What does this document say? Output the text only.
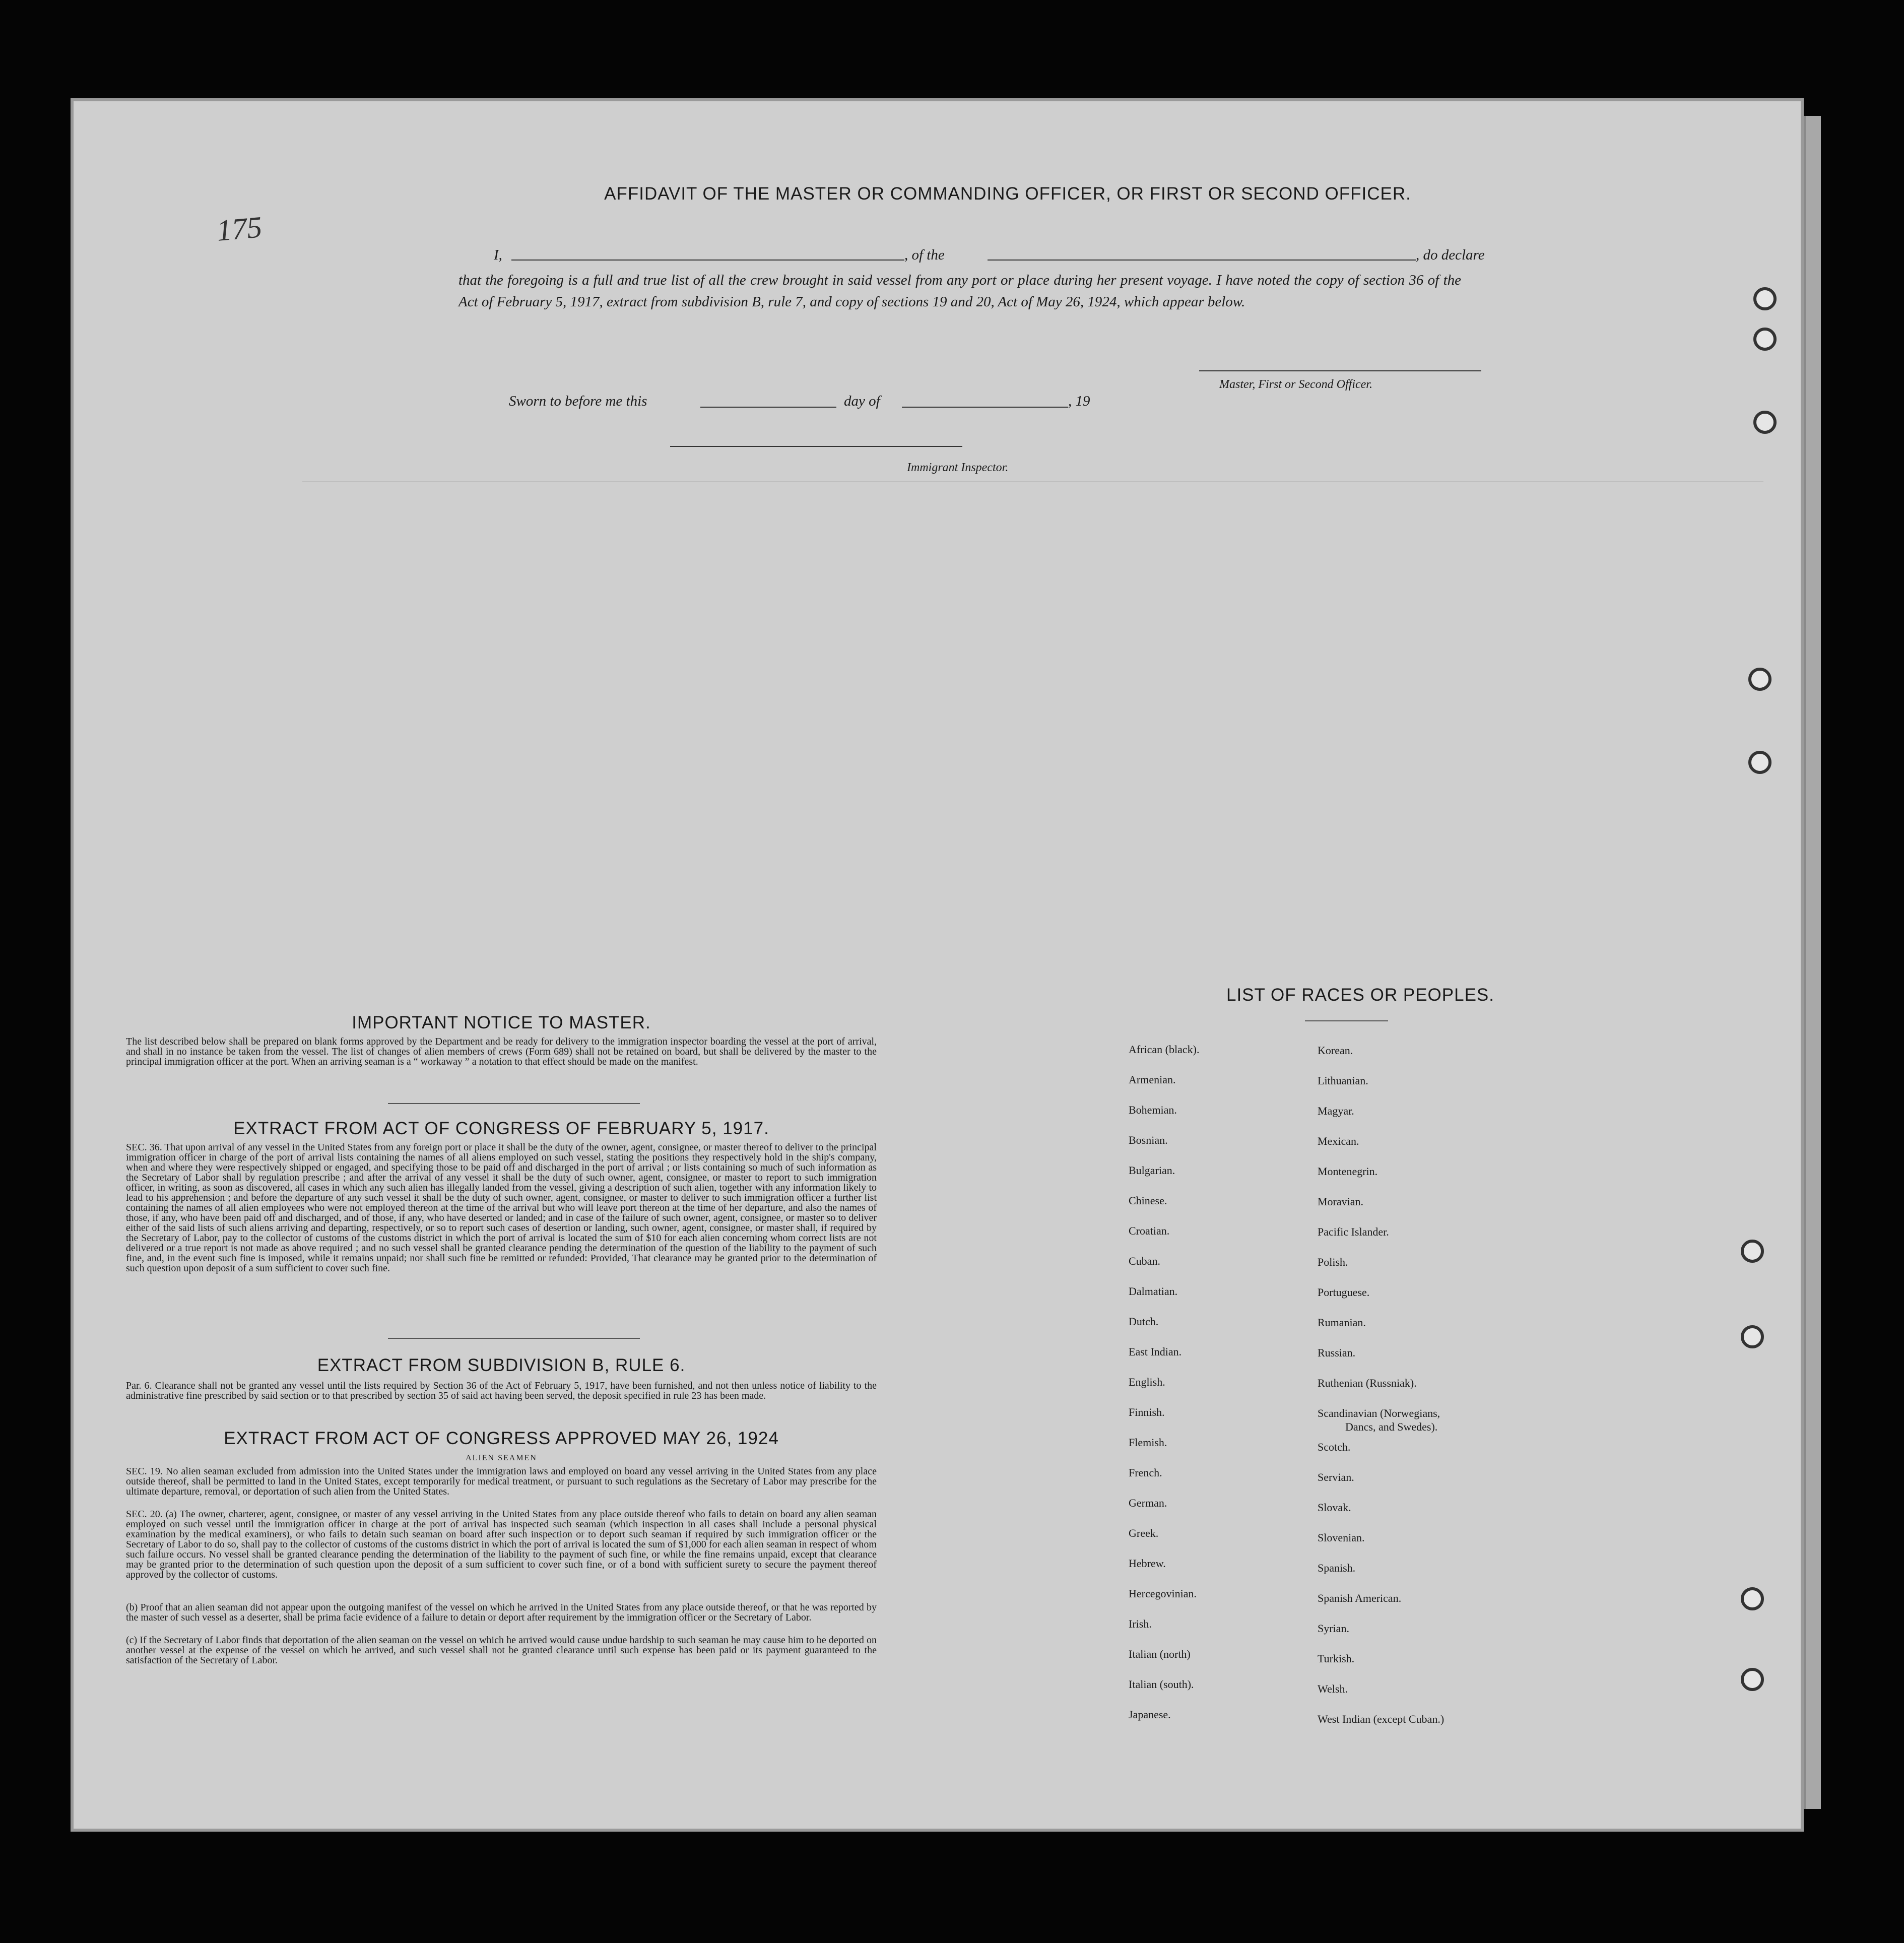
175
AFFIDAVIT OF THE MASTER OR COMMANDING OFFICER, OR FIRST OR SECOND OFFICER.
I,	, of the	, do declare
that the foregoing is a full and true list of all the crew brought in said vessel from any port or place during her present voyage. I have noted the copy of section 36 of the Act of February 5, 1917, extract from subdivision B, rule 7, and copy of sections 19 and 20, Act of May 26, 1924, which appear below.
Master, First or Second Officer.
Sworn to before me this	day of	, 19
Immigrant Inspector.
IMPORTANT NOTICE TO MASTER.
The list described below shall be prepared on blank forms approved by the Department and be ready for delivery to the immigration inspector boarding the vessel at the port of arrival, and shall in no instance be taken from the vessel. The list of changes of alien members of crews (Form 689) shall not be retained on board, but shall be delivered by the master to the principal immigration officer at the port. When an arriving seaman is a “ workaway ” a notation to that effect should be made on the manifest.
EXTRACT FROM ACT OF CONGRESS OF FEBRUARY 5, 1917.
SEC. 36. That upon arrival of any vessel in the United States from any foreign port or place it shall be the duty of the owner, agent, consignee, or master thereof to deliver to the principal immigration officer in charge of the port of arrival lists containing the names of all aliens employed on such vessel, stating the positions they respectively hold in the ship's company, when and where they were respectively shipped or engaged, and specifying those to be paid off and discharged in the port of arrival ; or lists containing so much of such information as the Secretary of Labor shall by regulation prescribe ; and after the arrival of any vessel it shall be the duty of such owner, agent, consignee, or master to report to such immigration officer, in writing, as soon as discovered, all cases in which any such alien has illegally landed from the vessel, giving a description of such alien, together with any information likely to lead to his apprehension ; and before the departure of any such vessel it shall be the duty of such owner, agent, consignee, or master to deliver to such immigration officer a further list containing the names of all alien employees who were not employed thereon at the time of the arrival but who will leave port thereon at the time of her departure, and also the names of those, if any, who have been paid off and discharged, and of those, if any, who have deserted or landed; and in case of the failure of such owner, agent, consignee, or master so to deliver either of the said lists of such aliens arriving and departing, respectively, or so to report such cases of desertion or landing, such owner, agent, consignee, or master shall, if required by the Secretary of Labor, pay to the collector of customs of the customs district in which the port of arrival is located the sum of $10 for each alien concerning whom correct lists are not delivered or a true report is not made as above required ; and no such vessel shall be granted clearance pending the determination of the question of the liability to the payment of such fine, and, in the event such fine is imposed, while it remains unpaid; nor shall such fine be remitted or refunded: Provided, That clearance may be granted prior to the determination of such question upon deposit of a sum sufficient to cover such fine.
EXTRACT FROM SUBDIVISION B, RULE 6.
Par. 6. Clearance shall not be granted any vessel until the lists required by Section 36 of the Act of February 5, 1917, have been furnished, and not then unless notice of liability to the administrative fine prescribed by said section or to that prescribed by section 35 of said act having been served, the deposit specified in rule 23 has been made.
EXTRACT FROM ACT OF CONGRESS APPROVED MAY 26, 1924
ALIEN SEAMEN
SEC. 19. No alien seaman excluded from admission into the United States under the immigration laws and employed on board any vessel arriving in the United States from any place outside thereof, shall be permitted to land in the United States, except temporarily for medical treatment, or pursuant to such regulations as the Secretary of Labor may prescribe for the ultimate departure, removal, or deportation of such alien from the United States.
SEC. 20. (a) The owner, charterer, agent, consignee, or master of any vessel arriving in the United States from any place outside thereof who fails to detain on board any alien seaman employed on such vessel until the immigration officer in charge at the port of arrival has inspected such seaman (which inspection in all cases shall include a personal physical examination by the medical examiners), or who fails to detain such seaman on board after such inspection or to deport such seaman if required by such immigration officer or the Secretary of Labor to do so, shall pay to the collector of customs of the customs district in which the port of arrival is located the sum of $1,000 for each alien seaman in respect of whom such failure occurs. No vessel shall be granted clearance pending the determination of the liability to the payment of such fine, or while the fine remains unpaid, except that clearance may be granted prior to the determination of such question upon the deposit of a sum sufficient to cover such fine, or of a bond with sufficient surety to secure the payment thereof approved by the collector of customs.
(b) Proof that an alien seaman did not appear upon the outgoing manifest of the vessel on which he arrived in the United States from any place outside thereof, or that he was reported by the master of such vessel as a deserter, shall be prima facie evidence of a failure to detain or deport after requirement by the immigration officer or the Secretary of Labor.
(c) If the Secretary of Labor finds that deportation of the alien seaman on the vessel on which he arrived would cause undue hardship to such seaman he may cause him to be deported on another vessel at the expense of the vessel on which he arrived, and such vessel shall not be granted clearance until such expense has been paid or its payment guaranteed to the satisfaction of the Secretary of Labor.
LIST OF RACES OR PEOPLES.
African (black).
Armenian.
Bohemian.
Bosnian.
Bulgarian.
Chinese.
Croatian.
Cuban.
Dalmatian.
Dutch.
East Indian.
English.
Finnish.
Flemish.
French.
German.
Greek.
Hebrew.
Hercegovinian.
Irish.
Italian (north)
Italian (south).
Japanese.
Korean.
Lithuanian.
Magyar.
Mexican.
Montenegrin.
Moravian.
Pacific Islander.
Polish.
Portuguese.
Rumanian.
Russian.
Ruthenian (Russniak).
Scandinavian (Norwegians,
Dancs, and Swedes).
Scotch.
Servian.
Slovak.
Slovenian.
Spanish.
Spanish American.
Syrian.
Turkish.
Welsh.
West Indian (except Cuban.)
